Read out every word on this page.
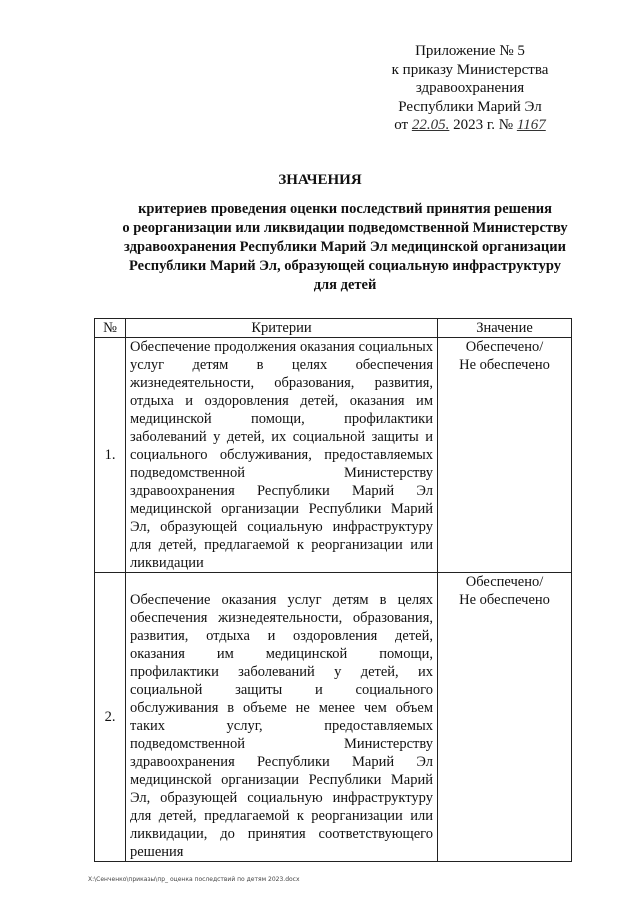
Приложение № 5
к приказу Министерства
здравоохранения
Республики Марий Эл
от 22.05. 2023 г. № 1167
ЗНАЧЕНИЯ
критериев проведения оценки последствий принятия решения
о реорганизации или ликвидации подведомственной Министерству
здравоохранения Республики Марий Эл медицинской организации
Республики Марий Эл, образующей социальную инфраструктуру
для детей
№	Критерии	Значение
1.	Обеспечение продолжения оказания социальных услуг детям в целях обеспечения жизнедеятельности, образования, развития, отдыха и оздоровления детей, оказания им медицинской помощи, профилактики заболеваний у детей, их социальной защиты и социального обслуживания, предоставляемых подведомственной Министерству здравоохранения Республики Марий Эл медицинской организации Республики Марий Эл, образующей социальную инфраструктуру для детей, предлагаемой к реорганизации или ликвидации	Обеспечено/
Не обеспечено

2.	Обеспечение оказания услуг детям в целях обеспечения жизнедеятельности, образования, развития, отдыха и оздоровления детей, оказания им медицинской помощи, профилактики заболеваний у детей, их социальной защиты и социального обслуживания в объеме не менее чем объем таких услуг, предоставляемых подведомственной Министерству здравоохранения Республики Марий Эл медицинской организации Республики Марий Эл, образующей социальную инфраструктуру для детей, предлагаемой к реорганизации или ликвидации, до принятия соответствующего решения	Обеспечено/
Не обеспечено
X:\Сенченко\приказы\пр_ оценка последствий по детям 2023.docx
